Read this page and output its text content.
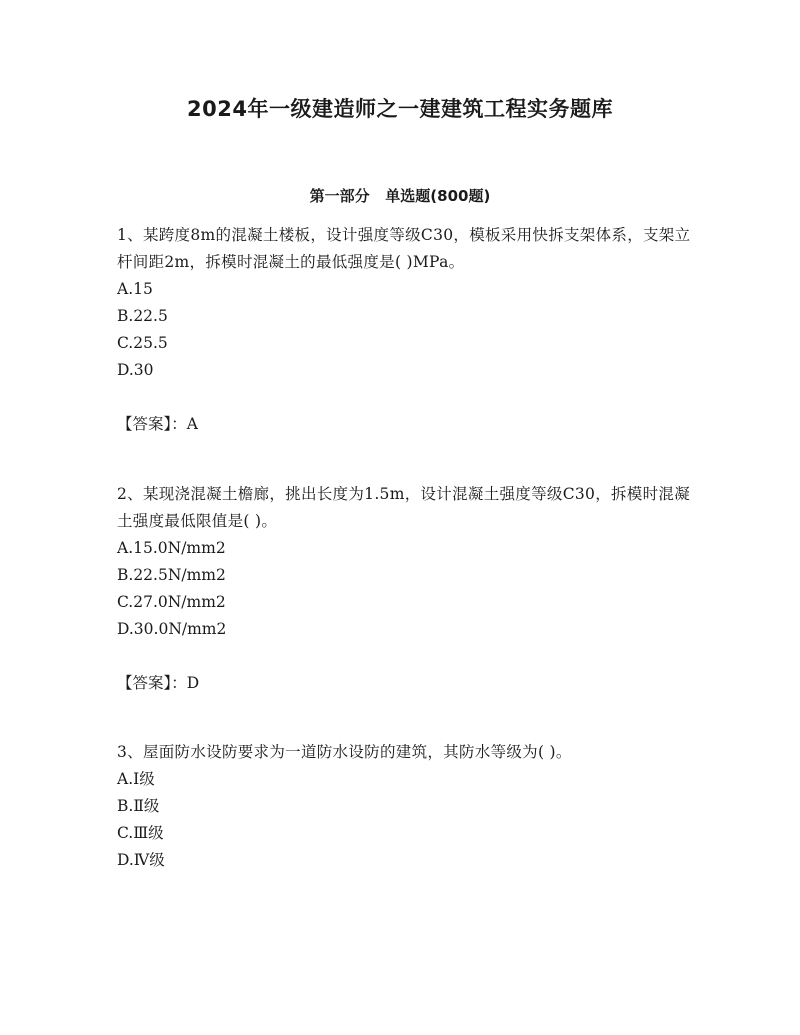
2024年一级建造师之一建建筑工程实务题库
第一部分   单选题(800题)

1、某跨度8m的混凝土楼板，设计强度等级C30，模板采用快拆支架体系，支架立杆间距2m，拆模时混凝土的最低强度是( )MPa。

A.15
B.22.5
C.25.5
D.30
【答案】：A

2、某现浇混凝土檐廊，挑出长度为1.5m，设计混凝土强度等级C30，拆模时混凝土强度最低限值是( )。

A.15.0N/mm2
B.22.5N/mm2
C.27.0N/mm2
D.30.0N/mm2
【答案】：D

3、屋面防水设防要求为一道防水设防的建筑，其防水等级为( )。

A.Ⅰ级
B.Ⅱ级
C.Ⅲ级
D.Ⅳ级
